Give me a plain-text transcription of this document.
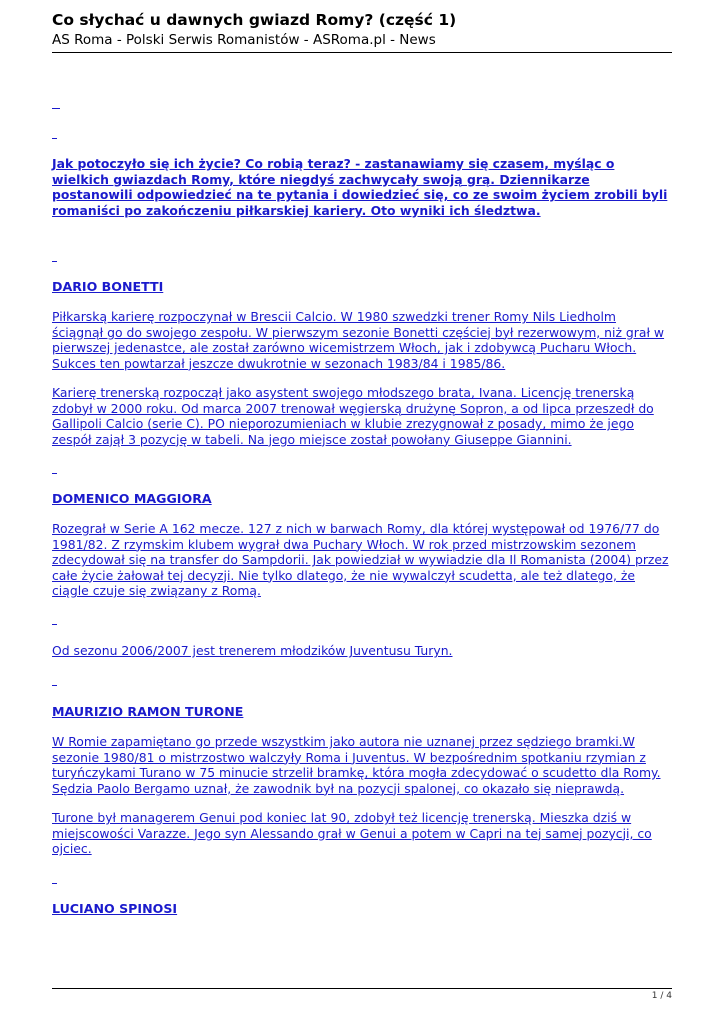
Co słychać u dawnych gwiazd Romy? (część 1)

AS Roma - Polski Serwis Romanistów - ASRoma.pl - News

Jak potoczyło się ich życie? Co robią teraz? - zastanawiamy się czasem, myśląc o wielkich gwiazdach Romy, które niegdyś zachwycały swoją grą. Dziennikarze postanowili odpowiedzieć na te pytania i dowiedzieć się, co ze swoim życiem zrobili byli romaniści po zakończeniu piłkarskiej kariery. Oto wyniki ich śledztwa.

DARIO BONETTI

Piłkarską karierę rozpoczynał w Brescii Calcio. W 1980 szwedzki trener Romy Nils Liedholm ściągnął go do swojego zespołu. W pierwszym sezonie Bonetti częściej był rezerwowym, niż grał w pierwszej jedenastce, ale został zarówno wicemistrzem Włoch, jak i zdobywcą Pucharu Włoch. Sukces ten powtarzał jeszcze dwukrotnie w sezonach 1983/84 i 1985/86.

Karierę trenerską rozpoczął jako asystent swojego młodszego brata, Ivana. Licencję trenerską zdobył w 2000 roku. Od marca 2007 trenował węgierską drużynę Sopron, a od lipca przeszedł do Gallipoli Calcio (serie C). PO nieporozumieniach w klubie zrezygnował z posady, mimo że jego zespół zajął 3 pozycję w tabeli. Na jego miejsce został powołany Giuseppe Giannini.

DOMENICO MAGGIORA

Rozegrał w Serie A 162 mecze. 127 z nich w barwach Romy, dla której występował od 1976/77 do 1981/82. Z rzymskim klubem wygrał dwa Puchary Włoch. W rok przed mistrzowskim sezonem zdecydował się na transfer do Sampdorii. Jak powiedział w wywiadzie dla Il Romanista (2004) przez całe życie żałował tej decyzji. Nie tylko dlatego, że nie wywalczył scudetta, ale też dlatego, że ciągle czuje się związany z Romą.

Od sezonu 2006/2007 jest trenerem młodzików Juventusu Turyn.

MAURIZIO RAMON TURONE

W Romie zapamiętano go przede wszystkim jako autora nie uznanej przez sędziego bramki.W sezonie 1980/81 o mistrzostwo walczyły Roma i Juventus. W bezpośrednim spotkaniu rzymian z turyńczykami Turano w 75 minucie strzelił bramkę, która mogła zdecydować o scudetto dla Romy. Sędzia Paolo Bergamo uznał, że zawodnik był na pozycji spalonej, co okazało się nieprawdą.

Turone był managerem Genui pod koniec lat 90, zdobył też licencję trenerską. Mieszka dziś w miejscowości Varazze. Jego syn Alessando grał w Genui a potem w Capri na tej samej pozycji, co ojciec.

LUCIANO SPINOSI

1 / 4
